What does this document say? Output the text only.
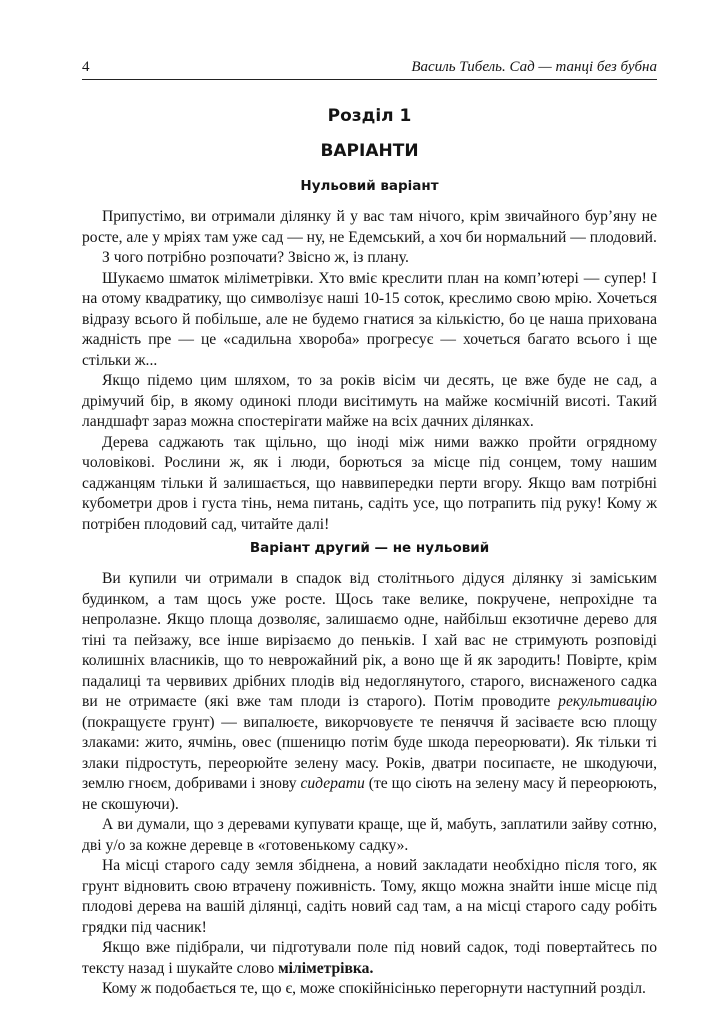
4	Василь Тибель. Сад — танці без бубна
Розділ 1
ВАРІАНТИ
Нульовий варіант

Припустімо, ви отримали ділянку й у вас там нічого, крім звичайного бур’яну не росте, але у мріях там уже сад — ну, не Едемський, а хоч би нормальний — плодовий.

З чого потрібно розпочати? Звісно ж, із плану.

Шукаємо шматок міліметрівки. Хто вміє креслити план на комп’ютері — супер! І на отому квадратику, що символізує наші 10-15 соток, креслимо свою мрію. Хочеться відразу всього й побільше, але не будемо гнатися за кількістю, бо це наша прихована жадність пре — це «садильна хвороба» прогресує — хочеться багато всього і ще стільки ж...

Якщо підемо цим шляхом, то за років вісім чи десять, це вже буде не сад, а дрімучий бір, в якому одинокі плоди висітимуть на майже космічній висоті. Такий ландшафт зараз можна спостерігати майже на всіх дачних ділянках.

Дерева саджають так щільно, що іноді між ними важко пройти огрядному чоловікові. Рослини ж, як і люди, борються за місце під сонцем, тому нашим саджанцям тільки й залишається, що наввипередки перти вгору. Якщо вам потрібні кубометри дров і густа тінь, нема питань, садіть усе, що потрапить під руку! Кому ж потрібен плодовий сад, читайте далі!

Варіант другий — не нульовий

Ви купили чи отримали в спадок від столітнього дідуся ділянку зі заміським будинком, а там щось уже росте. Щось таке велике, покручене, непрохідне та непролазне. Якщо площа дозволяє, залишаємо одне, найбільш екзотичне дерево для тіні та пейзажу, все інше вирізаємо до пеньків. І хай вас не стримують розповіді колишніх власників, що то неврожайний рік, а воно ще й як зародить! Повірте, крім падалиці та червивих дрібних плодів від недоглянутого, старого, виснаженого садка ви не отримаєте (які вже там плоди із старого). Потім проводите рекультивацію (покращуєте грунт) — випалюєте, викорчовуєте те пеняччя й засіваєте всю площу злаками: жито, ячмінь, овес (пшеницю потім буде шкода переорювати). Як тільки ті злаки підростуть, переорюйте зелену масу. Років, дватри посипаєте, не шкодуючи, землю гноєм, добривами і знову сидерати (те що сіють на зелену масу й переорюють, не скошуючи).

А ви думали, що з деревами купувати краще, ще й, мабуть, заплатили зайву сотню, дві у/о за кожне деревце в «готовенькому садку».

На місці старого саду земля збіднена, а новий закладати необхідно після того, як грунт відновить свою втрачену поживність. Тому, якщо можна знайти інше місце під плодові дерева на вашій ділянці, садіть новий сад там, а на місці старого саду робіть грядки під часник!

Якщо вже підібрали, чи підготували поле під новий садок, тоді повертайтесь по тексту назад і шукайте слово міліметрівка.

Кому ж подобається те, що є, може спокійнісінько перегорнути наступний розділ.
